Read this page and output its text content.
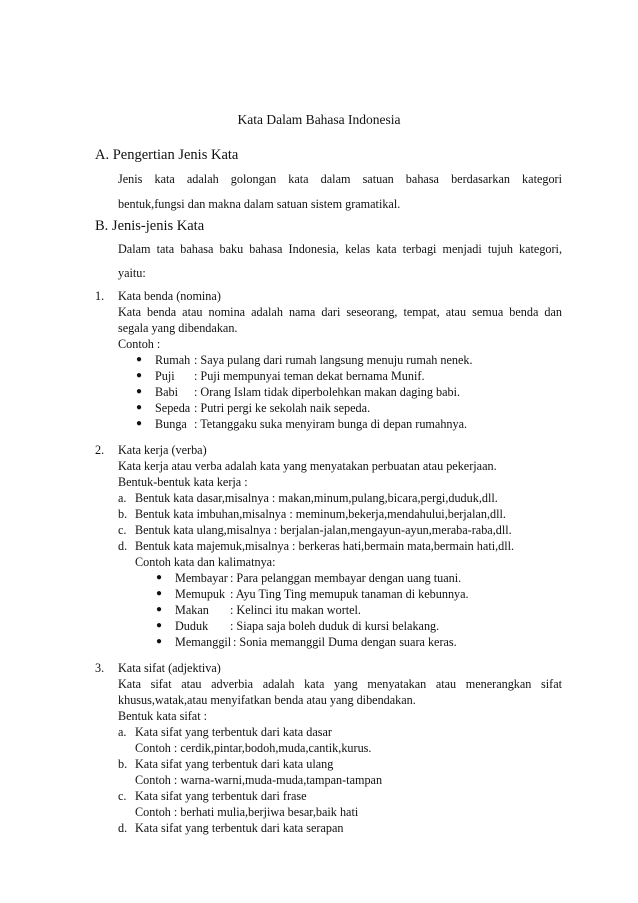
Kata Dalam Bahasa Indonesia
A. Pengertian Jenis Kata
Jenis kata adalah golongan kata dalam satuan bahasa berdasarkan kategori
bentuk,fungsi dan makna dalam satuan sistem gramatikal.
B. Jenis-jenis Kata
Dalam tata bahasa baku bahasa Indonesia, kelas kata terbagi menjadi tujuh kategori,
yaitu:
1. Kata benda (nomina)
Kata benda atau nomina adalah nama dari seseorang, tempat, atau semua benda dan
segala yang dibendakan.
Contoh :
● Rumah : Saya pulang dari rumah langsung menuju rumah nenek.
● Puji : Puji mempunyai teman dekat bernama Munif.
● Babi : Orang Islam tidak diperbolehkan makan daging babi.
● Sepeda : Putri pergi ke sekolah naik sepeda.
● Bunga : Tetanggaku suka menyiram bunga di depan rumahnya.
2. Kata kerja (verba)
Kata kerja atau verba adalah kata yang menyatakan perbuatan atau pekerjaan.
Bentuk-bentuk kata kerja :
a. Bentuk kata dasar,misalnya : makan,minum,pulang,bicara,pergi,duduk,dll.
b. Bentuk kata imbuhan,misalnya : meminum,bekerja,mendahului,berjalan,dll.
c. Bentuk kata ulang,misalnya : berjalan-jalan,mengayun-ayun,meraba-raba,dll.
d. Bentuk kata majemuk,misalnya : berkeras hati,bermain mata,bermain hati,dll.
Contoh kata dan kalimatnya:
● Membayar : Para pelanggan membayar dengan uang tuani.
● Memupuk : Ayu Ting Ting memupuk tanaman di kebunnya.
● Makan : Kelinci itu makan wortel.
● Duduk : Siapa saja boleh duduk di kursi belakang.
● Memanggil : Sonia memanggil Duma dengan suara keras.
3. Kata sifat (adjektiva)
Kata sifat atau adverbia adalah kata yang menyatakan atau menerangkan sifat
khusus,watak,atau menyifatkan benda atau yang dibendakan.
Bentuk kata sifat :
a. Kata sifat yang terbentuk dari kata dasar
Contoh : cerdik,pintar,bodoh,muda,cantik,kurus.
b. Kata sifat yang terbentuk dari kata ulang
Contoh : warna-warni,muda-muda,tampan-tampan
c. Kata sifat yang terbentuk dari frase
Contoh : berhati mulia,berjiwa besar,baik hati
d. Kata sifat yang terbentuk dari kata serapan
